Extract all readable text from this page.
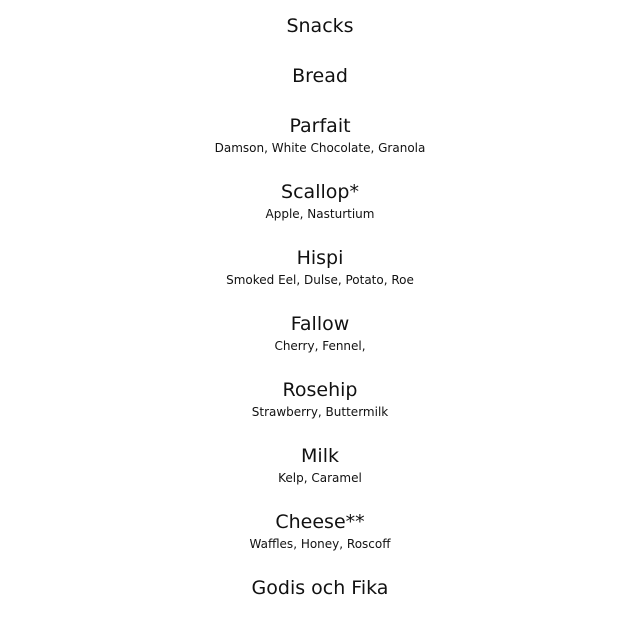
Snacks
Bread
Parfait
Damson, White Chocolate, Granola
Scallop*
Apple, Nasturtium
Hispi
Smoked Eel, Dulse, Potato, Roe
Fallow
Cherry, Fennel,
Rosehip
Strawberry, Buttermilk
Milk
Kelp, Caramel
Cheese**
Waffles, Honey, Roscoff
Godis och Fika
